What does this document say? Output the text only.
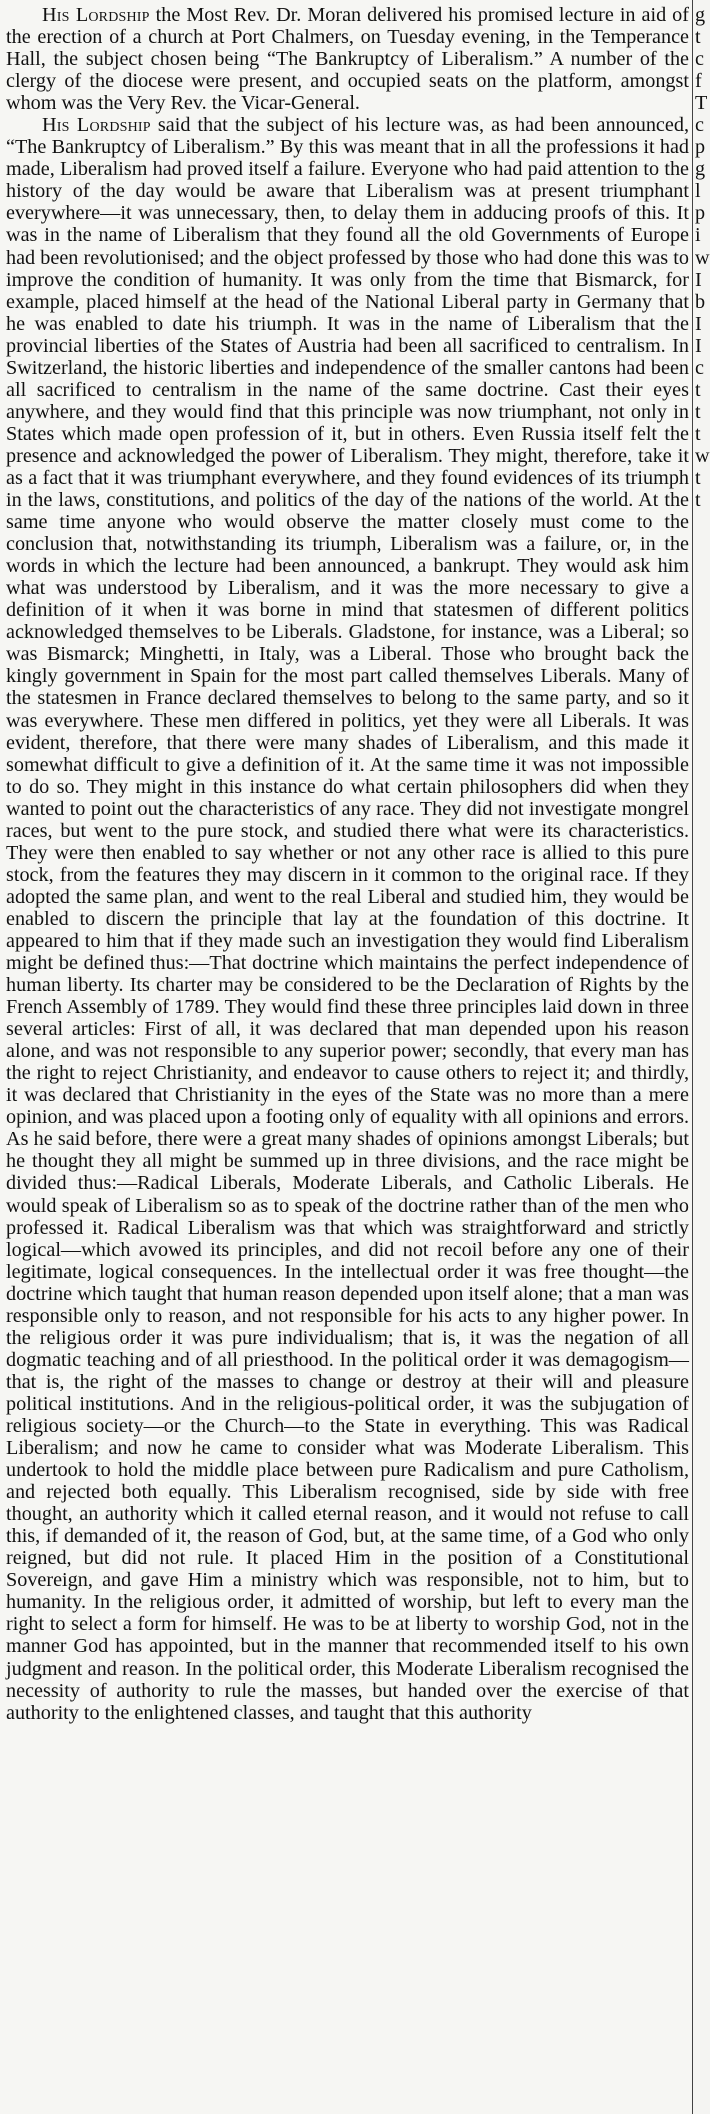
His Lordship the Most Rev. Dr. Moran delivered his promised lecture in aid of the erection of a church at Port Chalmers, on Tuesday evening, in the Temperance Hall, the subject chosen being “The Bankruptcy of Liberalism.” A number of the clergy of the diocese were present, and occupied seats on the platform, amongst whom was the Very Rev. the Vicar-General.

His Lordship said that the subject of his lecture was, as had been announced, “The Bankruptcy of Liberalism.” By this was meant that in all the professions it had made, Liberalism had proved itself a failure. Everyone who had paid attention to the history of the day would be aware that Liberalism was at present triumphant everywhere—it was unnecessary, then, to delay them in adducing proofs of this. It was in the name of Liberalism that they found all the old Governments of Europe had been revolutionised; and the object professed by those who had done this was to improve the condition of humanity. It was only from the time that Bismarck, for example, placed himself at the head of the National Liberal party in Germany that he was enabled to date his triumph. It was in the name of Liberalism that the provincial liberties of the States of Austria had been all sacrificed to centralism. In Switzerland, the historic liberties and independence of the smaller cantons had been all sacrificed to centralism in the name of the same doctrine. Cast their eyes anywhere, and they would find that this principle was now triumphant, not only in States which made open profession of it, but in others. Even Russia itself felt the presence and acknowledged the power of Liberalism. They might, therefore, take it as a fact that it was triumphant everywhere, and they found evidences of its triumph in the laws, constitutions, and politics of the day of the nations of the world. At the same time anyone who would observe the matter closely must come to the conclusion that, notwithstanding its triumph, Liberalism was a failure, or, in the words in which the lecture had been announced, a bankrupt. They would ask him what was understood by Liberalism, and it was the more necessary to give a definition of it when it was borne in mind that statesmen of different politics acknowledged themselves to be Liberals. Gladstone, for instance, was a Liberal; so was Bismarck; Minghetti, in Italy, was a Liberal. Those who brought back the kingly government in Spain for the most part called themselves Liberals. Many of the statesmen in France declared themselves to belong to the same party, and so it was everywhere. These men differed in politics, yet they were all Liberals. It was evident, therefore, that there were many shades of Liberalism, and this made it somewhat difficult to give a definition of it. At the same time it was not impossible to do so. They might in this instance do what certain philosophers did when they wanted to point out the characteristics of any race. They did not investigate mongrel races, but went to the pure stock, and studied there what were its characteristics. They were then enabled to say whether or not any other race is allied to this pure stock, from the features they may discern in it common to the original race. If they adopted the same plan, and went to the real Liberal and studied him, they would be enabled to discern the principle that lay at the foundation of this doctrine. It appeared to him that if they made such an investigation they would find Liberalism might be defined thus:—That doctrine which maintains the perfect independence of human liberty. Its charter may be considered to be the Declaration of Rights by the French Assembly of 1789. They would find these three principles laid down in three several articles: First of all, it was declared that man depended upon his reason alone, and was not responsible to any superior power; secondly, that every man has the right to reject Christianity, and endeavor to cause others to reject it; and thirdly, it was declared that Christianity in the eyes of the State was no more than a mere opinion, and was placed upon a footing only of equality with all opinions and errors. As he said before, there were a great many shades of opinions amongst Liberals; but he thought they all might be summed up in three divisions, and the race might be divided thus:—Radical Liberals, Moderate Liberals, and Catholic Liberals. He would speak of Liberalism so as to speak of the doctrine rather than of the men who professed it. Radical Liberalism was that which was straightforward and strictly logical—which avowed its principles, and did not recoil before any one of their legitimate, logical consequences. In the intellectual order it was free thought—the doctrine which taught that human reason depended upon itself alone; that a man was responsible only to reason, and not responsible for his acts to any higher power. In the religious order it was pure individualism; that is, it was the negation of all dogmatic teaching and of all priesthood. In the political order it was demagogism—that is, the right of the masses to change or destroy at their will and pleasure political institutions. And in the religious-political order, it was the subjugation of religious society—or the Church—to the State in everything. This was Radical Liberalism; and now he came to consider what was Moderate Liberalism. This undertook to hold the middle place between pure Radicalism and pure Catholism, and rejected both equally. This Liberalism recognised, side by side with free thought, an authority which it called eternal reason, and it would not refuse to call this, if demanded of it, the reason of God, but, at the same time, of a God who only reigned, but did not rule. It placed Him in the position of a Constitutional Sovereign, and gave Him a ministry which was responsible, not to him, but to humanity. In the religious order, it admitted of worship, but left to every man the right to select a form for himself. He was to be at liberty to worship God, not in the manner God has appointed, but in the manner that recommended itself to his own judgment and reason. In the political order, this Moderate Liberalism recognised the necessity of authority to rule the masses, but handed over the exercise of that authority to the enlightened classes, and taught that this authority

g
t
c
f
T
c
p
g
l
p
i
w
I
b
I
I
c
t
t
t
w
t
t
